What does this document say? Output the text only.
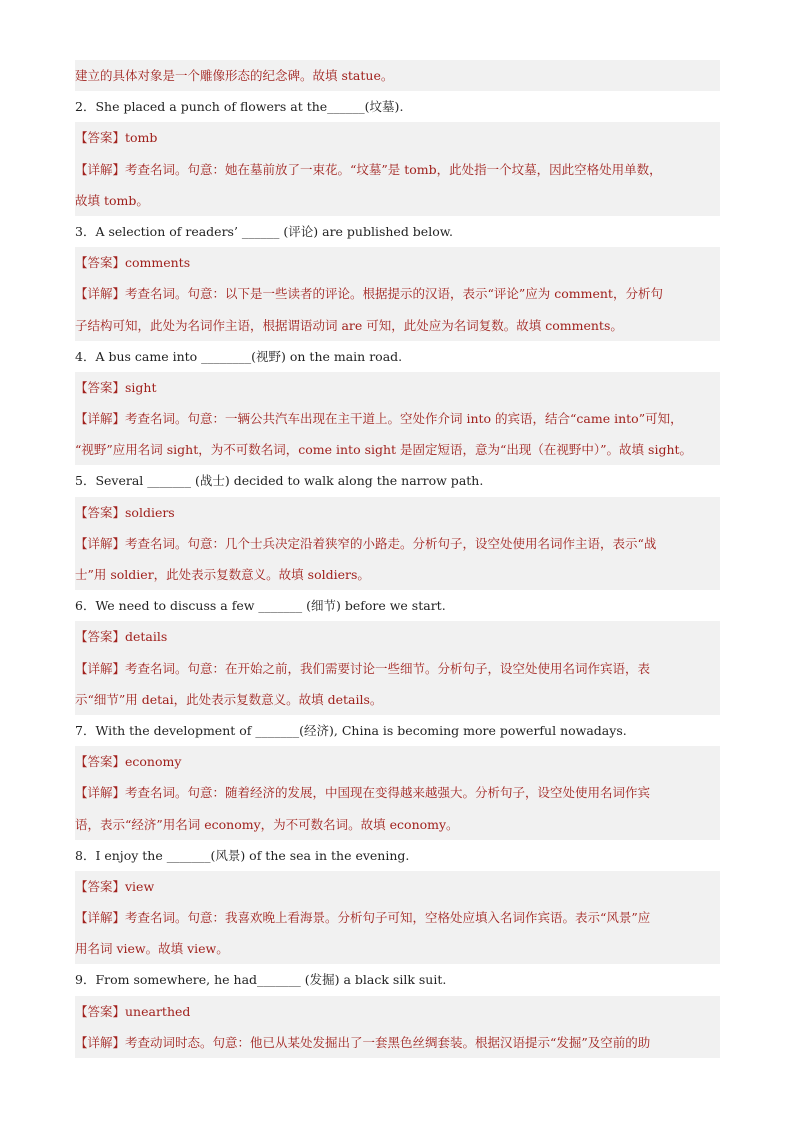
建立的具体对象是一个雕像形态的纪念碑。故填 statue。
2．She placed a punch of flowers at the______(坟墓).
【答案】tomb
【详解】考查名词。句意：她在墓前放了一束花。“坟墓”是 tomb，此处指一个坟墓，因此空格处用单数，
故填 tomb。
3．A selection of readers’ ______ (评论) are published below.
【答案】comments
【详解】考查名词。句意：以下是一些读者的评论。根据提示的汉语，表示“评论”应为 comment，分析句
子结构可知，此处为名词作主语，根据谓语动词 are 可知，此处应为名词复数。故填 comments。
4．A bus came into ________(视野) on the main road.
【答案】sight
【详解】考查名词。句意：一辆公共汽车出现在主干道上。空处作介词 into 的宾语，结合“came into”可知，
“视野”应用名词 sight，为不可数名词，come into sight 是固定短语，意为“出现（在视野中）”。故填 sight。
5．Several _______ (战士) decided to walk along the narrow path.
【答案】soldiers
【详解】考查名词。句意：几个士兵决定沿着狭窄的小路走。分析句子，设空处使用名词作主语，表示“战
士”用 soldier，此处表示复数意义。故填 soldiers。
6．We need to discuss a few _______ (细节) before we start.
【答案】details
【详解】考查名词。句意：在开始之前，我们需要讨论一些细节。分析句子，设空处使用名词作宾语，表
示“细节”用 detai，此处表示复数意义。故填 details。
7．With the development of _______(经济), China is becoming more powerful nowadays.
【答案】economy
【详解】考查名词。句意：随着经济的发展，中国现在变得越来越强大。分析句子，设空处使用名词作宾
语，表示“经济”用名词 economy，为不可数名词。故填 economy。
8．I enjoy the _______(风景) of the sea in the evening.
【答案】view
【详解】考查名词。句意：我喜欢晚上看海景。分析句子可知，空格处应填入名词作宾语。表示“风景”应
用名词 view。故填 view。
9．From somewhere, he had_______ (发掘) a black silk suit.
【答案】unearthed
【详解】考查动词时态。句意：他已从某处发掘出了一套黑色丝绸套装。根据汉语提示“发掘”及空前的助
